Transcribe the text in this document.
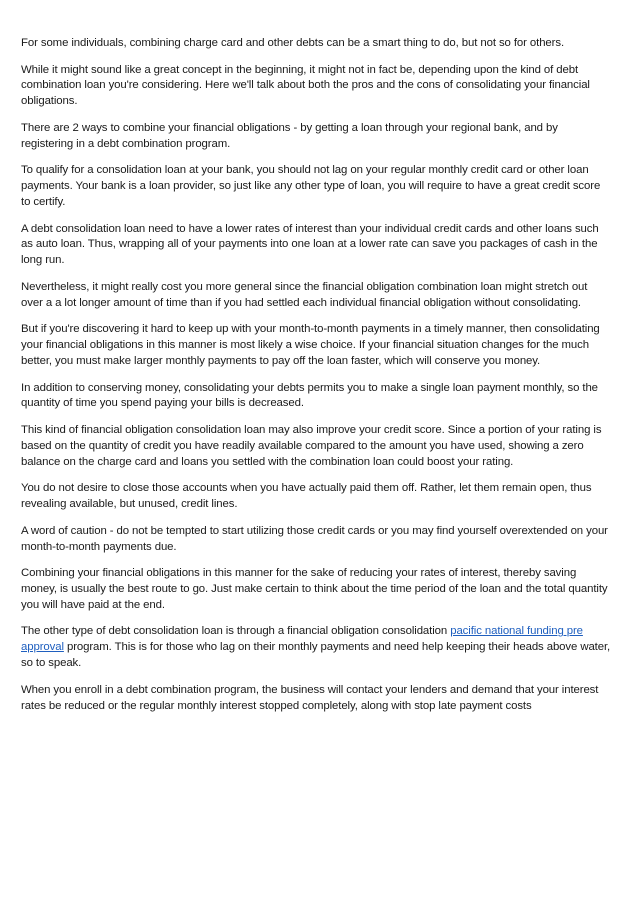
For some individuals, combining charge card and other debts can be a smart thing to do, but not so for others.

While it might sound like a great concept in the beginning, it might not in fact be, depending upon the kind of debt combination loan you're considering. Here we'll talk about both the pros and the cons of consolidating your financial obligations.

There are 2 ways to combine your financial obligations - by getting a loan through your regional bank, and by registering in a debt combination program.

To qualify for a consolidation loan at your bank, you should not lag on your regular monthly credit card or other loan payments. Your bank is a loan provider, so just like any other type of loan, you will require to have a great credit score to certify.

A debt consolidation loan need to have a lower rates of interest than your individual credit cards and other loans such as auto loan. Thus, wrapping all of your payments into one loan at a lower rate can save you packages of cash in the long run.

Nevertheless, it might really cost you more general since the financial obligation combination loan might stretch out over a a lot longer amount of time than if you had settled each individual financial obligation without consolidating.

But if you're discovering it hard to keep up with your month-to-month payments in a timely manner, then consolidating your financial obligations in this manner is most likely a wise choice. If your financial situation changes for the much better, you must make larger monthly payments to pay off the loan faster, which will conserve you money.

In addition to conserving money, consolidating your debts permits you to make a single loan payment monthly, so the quantity of time you spend paying your bills is decreased.

This kind of financial obligation consolidation loan may also improve your credit score. Since a portion of your rating is based on the quantity of credit you have readily available compared to the amount you have used, showing a zero balance on the charge card and loans you settled with the combination loan could boost your rating.

You do not desire to close those accounts when you have actually paid them off. Rather, let them remain open, thus revealing available, but unused, credit lines.

A word of caution - do not be tempted to start utilizing those credit cards or you may find yourself overextended on your month-to-month payments due.

Combining your financial obligations in this manner for the sake of reducing your rates of interest, thereby saving money, is usually the best route to go. Just make certain to think about the time period of the loan and the total quantity you will have paid at the end.

The other type of debt consolidation loan is through a financial obligation consolidation pacific national funding pre approval program. This is for those who lag on their monthly payments and need help keeping their heads above water, so to speak.

When you enroll in a debt combination program, the business will contact your lenders and demand that your interest rates be reduced or the regular monthly interest stopped completely, along with stop late payment costs
